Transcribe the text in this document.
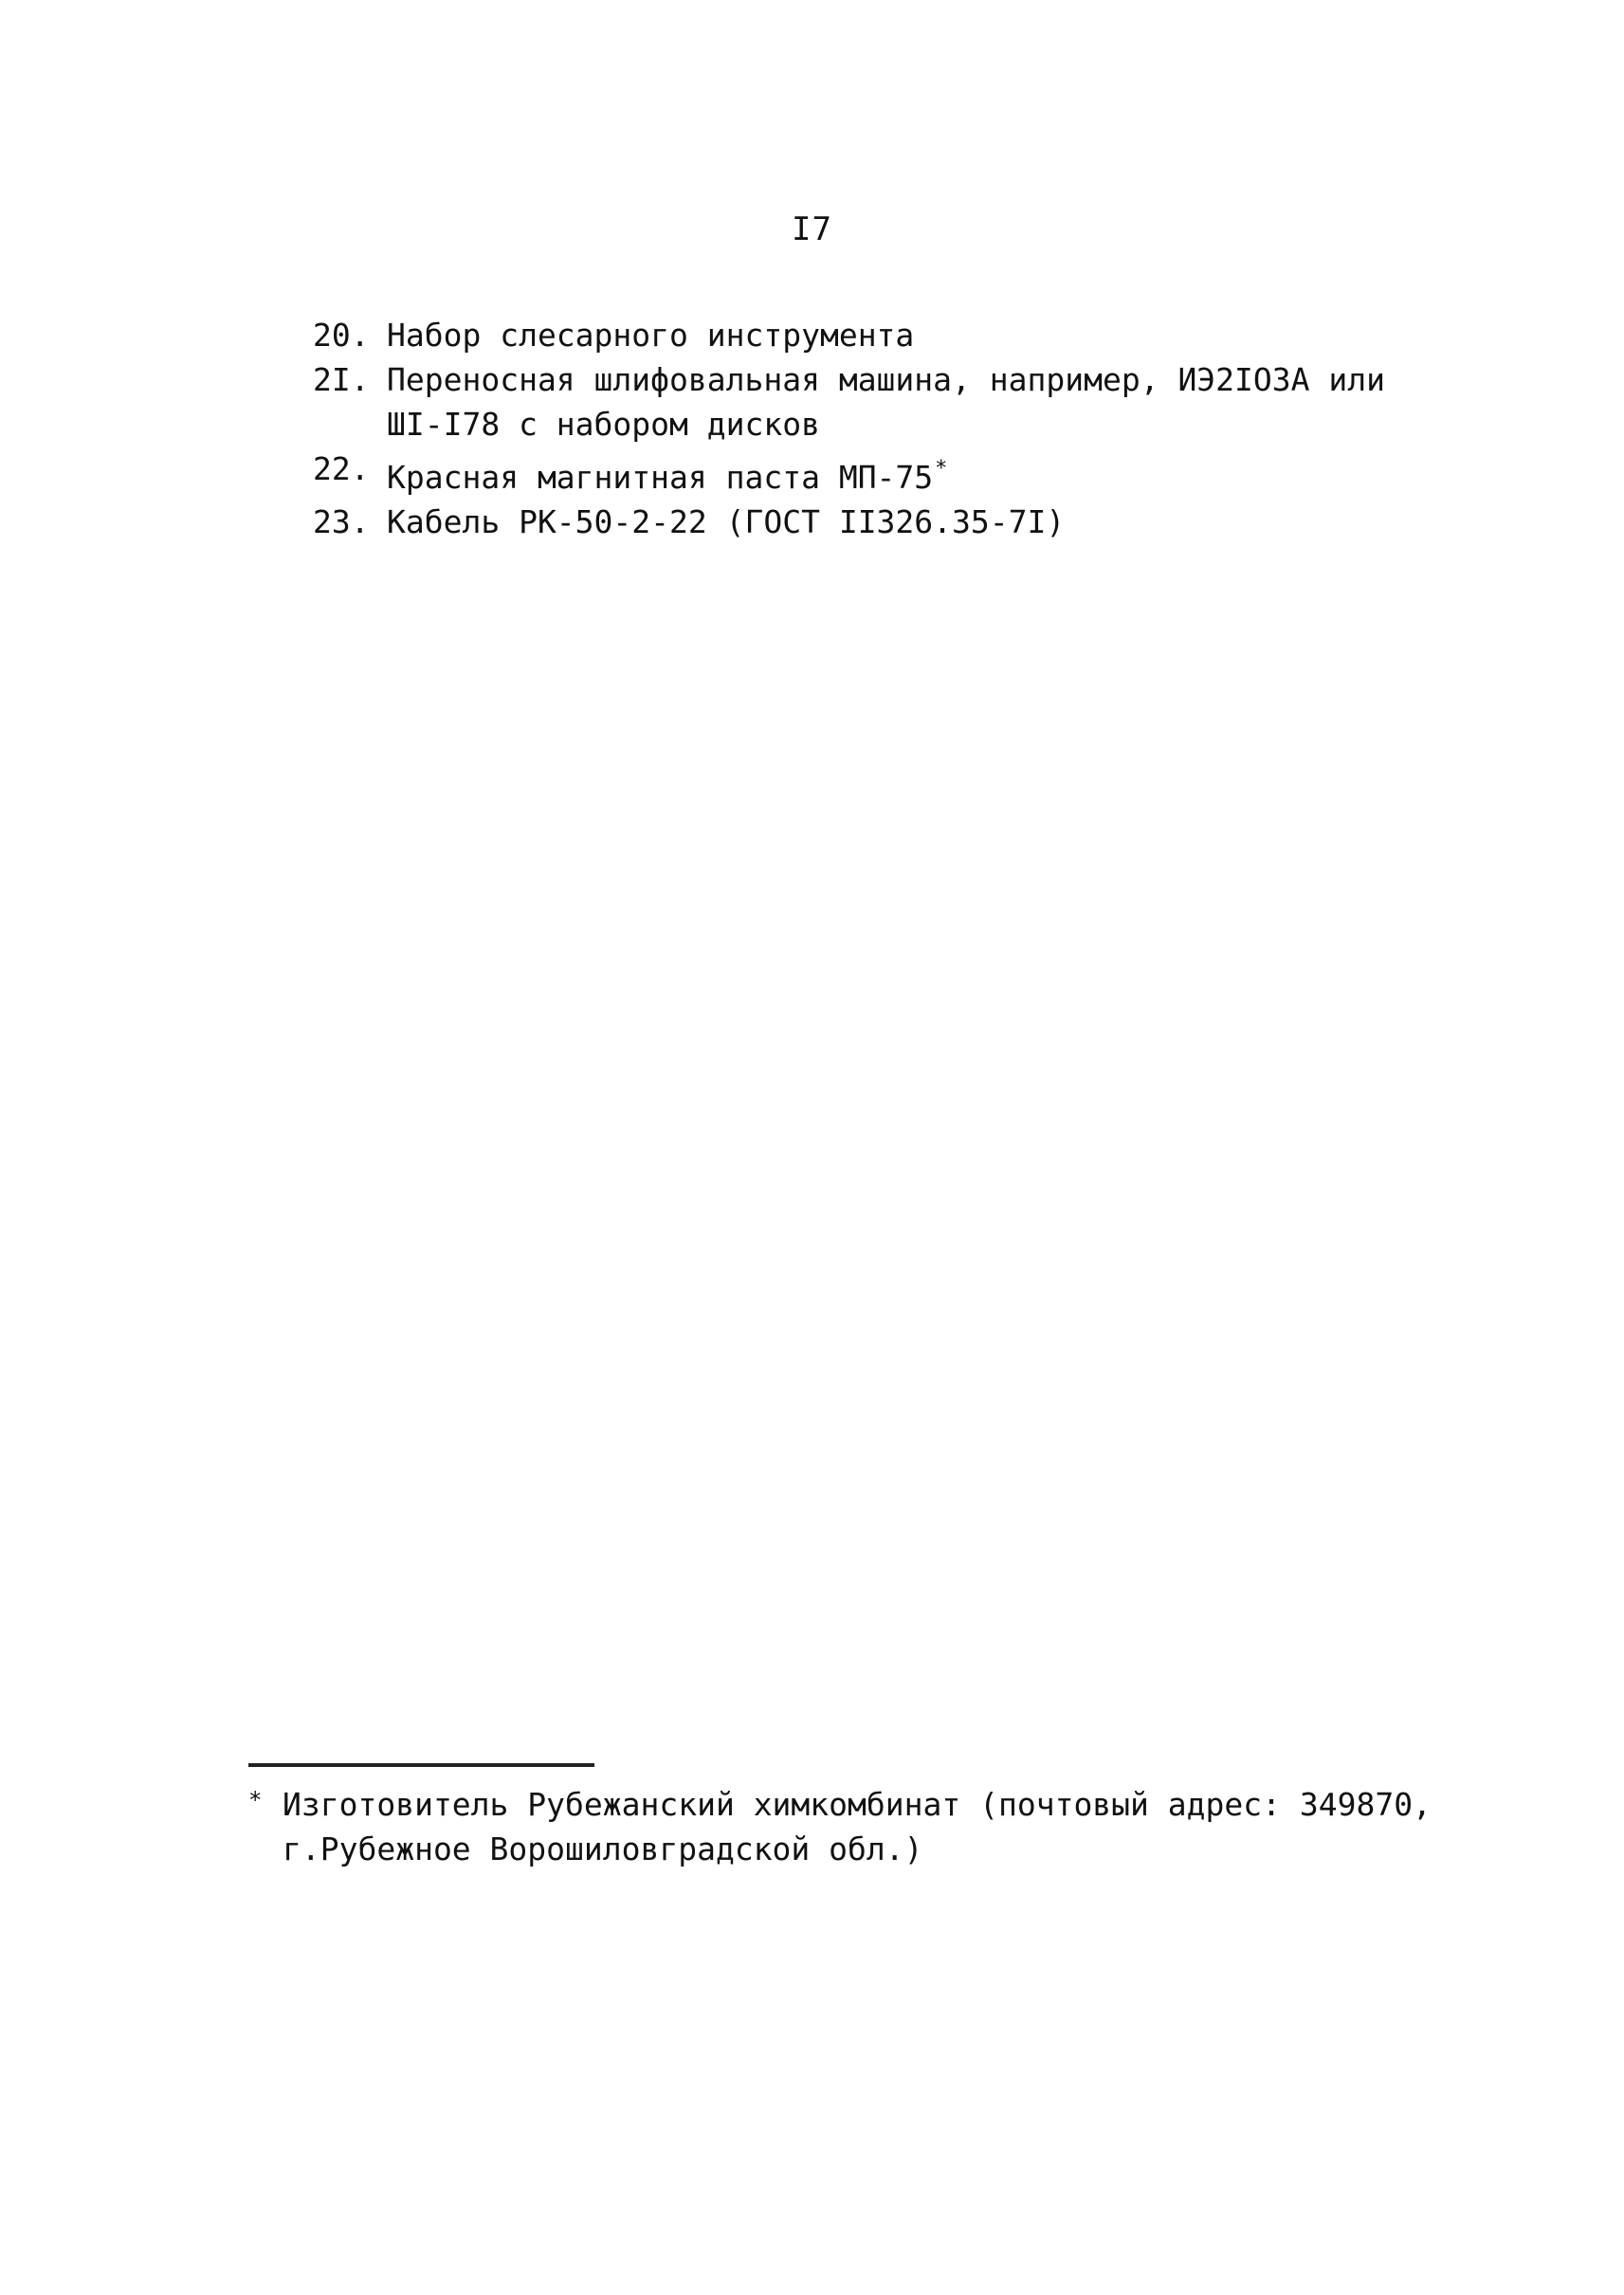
I7
20. Набор слесарного инструмента
2I. Переносная шлифовальная машина, например, ИЭ2IОЗА или
ШI-I78 с набором дисков
22. Красная магнитная паста МП-75*
23. Кабель РК-50-2-22 (ГОСТ II326.35-7I)
* Изготовитель Рубежанский химкомбинат (почтовый адрес: 349870,
г.Рубежное Ворошиловградской обл.)
